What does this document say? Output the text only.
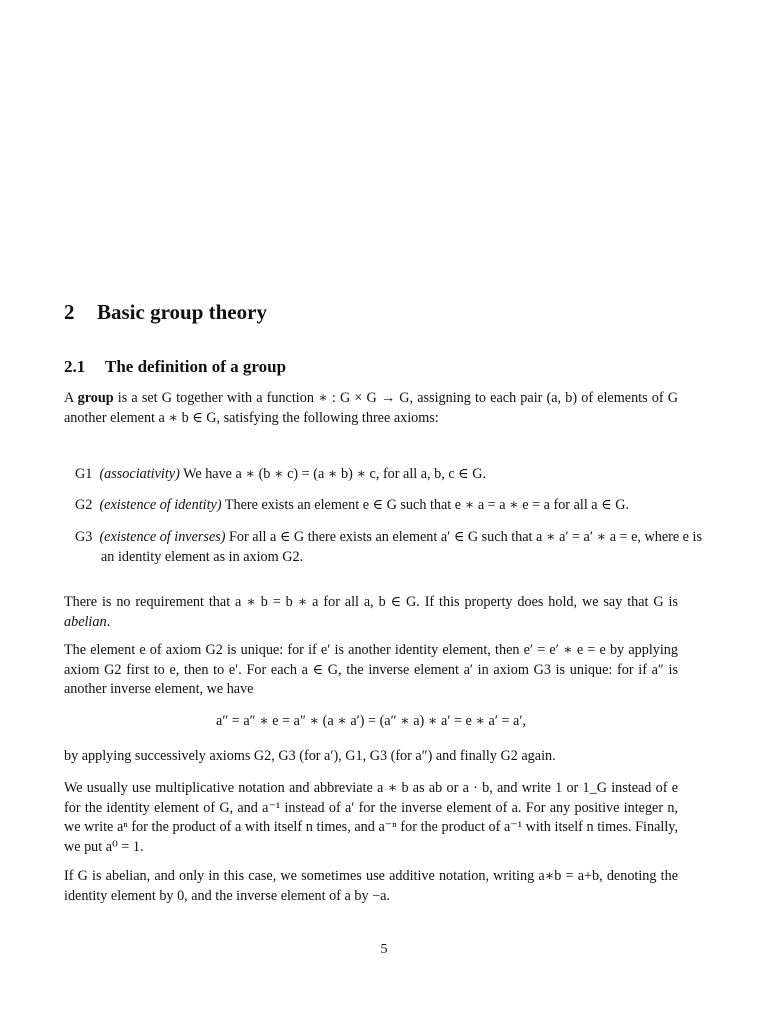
2 Basic group theory
2.1 The definition of a group

A group is a set G together with a function ∗ : G × G → G, assigning to each pair (a, b) of elements of G another element a ∗ b ∈ G, satisfying the following three axioms:

G1 (associativity) We have a ∗ (b ∗ c) = (a ∗ b) ∗ c, for all a, b, c ∈ G.
G2 (existence of identity) There exists an element e ∈ G such that e ∗ a = a ∗ e = a for all a ∈ G.
G3 (existence of inverses) For all a ∈ G there exists an element a′ ∈ G such that a ∗ a′ = a′ ∗ a = e, where e is an identity element as in axiom G2.

There is no requirement that a ∗ b = b ∗ a for all a, b ∈ G. If this property does hold, we say that G is abelian.

The element e of axiom G2 is unique: for if e′ is another identity element, then e′ = e′ ∗ e = e by applying axiom G2 first to e, then to e′. For each a ∈ G, the inverse element a′ in axiom G3 is unique: for if a″ is another inverse element, we have

a″ = a″ ∗ e = a″ ∗ (a ∗ a′) = (a″ ∗ a) ∗ a′ = e ∗ a′ = a′,

by applying successively axioms G2, G3 (for a′), G1, G3 (for a″) and finally G2 again.

We usually use multiplicative notation and abbreviate a ∗ b as ab or a · b, and write 1 or 1_G instead of e for the identity element of G, and a⁻¹ instead of a′ for the inverse element of a. For any positive integer n, we write aⁿ for the product of a with itself n times, and a⁻ⁿ for the product of a⁻¹ with itself n times. Finally, we put a⁰ = 1.

If G is abelian, and only in this case, we sometimes use additive notation, writing a∗b = a+b, denoting the identity element by 0, and the inverse element of a by −a.

5
